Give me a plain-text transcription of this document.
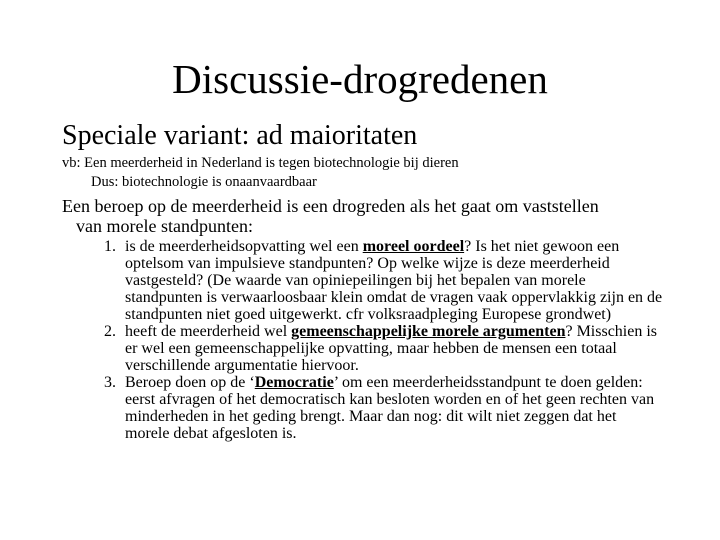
Discussie-drogredenen
Speciale variant: ad maioritaten
vb: Een meerderheid in Nederland is tegen biotechnologie bij dieren
Dus: biotechnologie is onaanvaardbaar
Een beroep op de meerderheid is een drogreden als het gaat om vaststellen
van morele standpunten:
1. is de meerderheidsopvatting wel een moreel oordeel? Is het niet gewoon een optelsom van impulsieve standpunten? Op welke wijze is deze meerderheid vastgesteld? (De waarde van opiniepeilingen bij het bepalen van morele standpunten is verwaarloosbaar klein omdat de vragen vaak oppervlakkig zijn en de standpunten niet goed uitgewerkt. cfr volksraadpleging Europese grondwet)
2. heeft de meerderheid wel gemeenschappelijke morele argumenten? Misschien is er wel een gemeenschappelijke opvatting, maar hebben de mensen een totaal verschillende argumentatie hiervoor.
3. Beroep doen op de ‘Democratie’ om een meerderheidsstandpunt te doen gelden: eerst afvragen of het democratisch kan besloten worden en of het geen rechten van minderheden in het geding brengt. Maar dan nog: dit wilt niet zeggen dat het morele debat afgesloten is.
